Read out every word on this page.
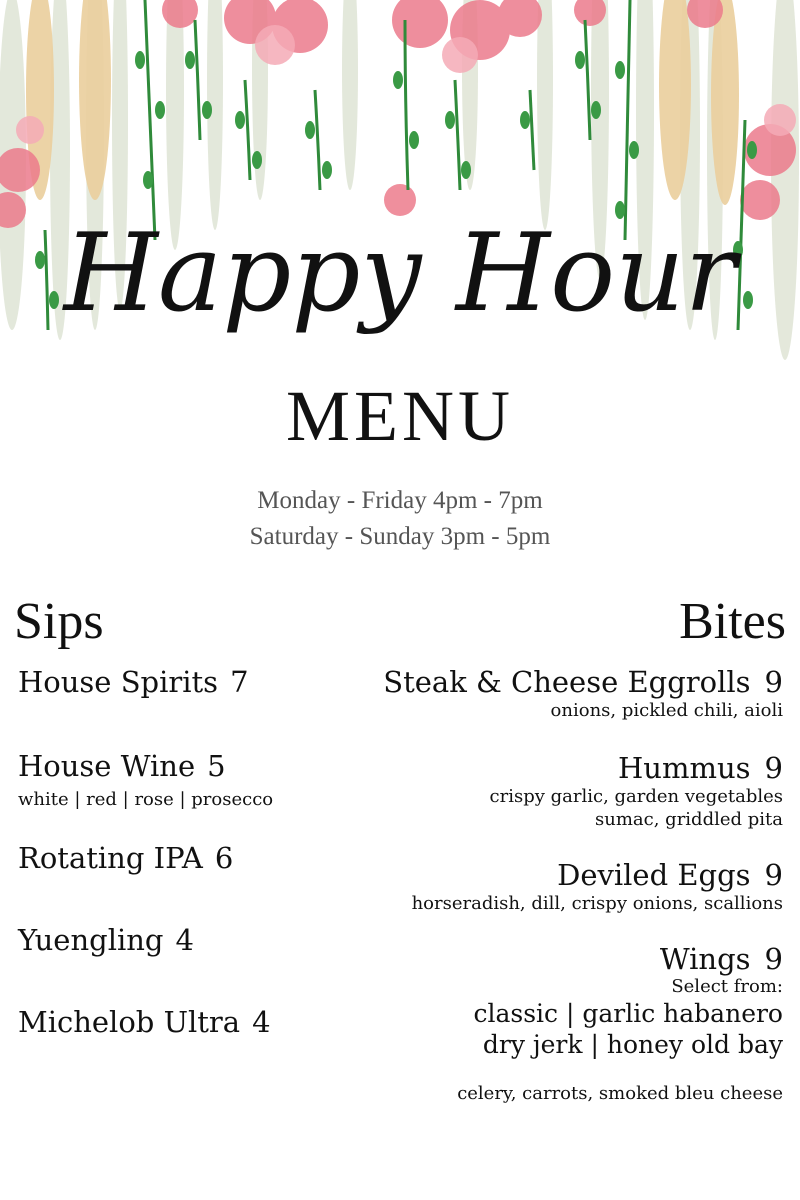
Happy Hour
MENU
Monday - Friday 4pm - 7pm
Saturday - Sunday 3pm - 5pm
Sips	Bites
House Spirits 7
House Wine 5
white | red | rose | prosecco
Rotating IPA 6
Yuengling 4
Michelob Ultra 4
Steak & Cheese Eggrolls 9
onions, pickled chili, aioli
Hummus 9
crispy garlic, garden vegetables
sumac, griddled pita
Deviled Eggs 9
horseradish, dill, crispy onions, scallions
Wings 9
Select from:
classic | garlic habanero
dry jerk | honey old bay
celery, carrots, smoked bleu cheese
